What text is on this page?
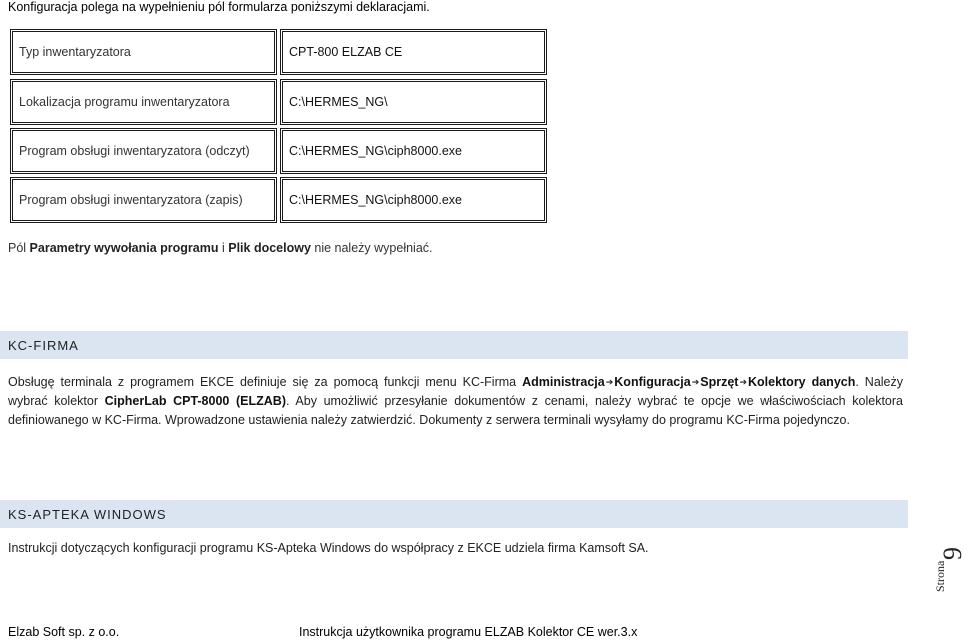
Konfiguracja polega na wypełnieniu pól formularza poniższymi deklaracjami.
Typ inwentaryzatora	CPT-800 ELZAB CE
Lokalizacja programu inwentaryzatora	C:\HERMES_NG\
Program obsługi inwentaryzatora (odczyt)	C:\HERMES_NG\ciph8000.exe
Program obsługi inwentaryzatora (zapis)	C:\HERMES_NG\ciph8000.exe
Pól Parametry wywołania programu i Plik docelowy nie należy wypełniać.
KC-FIRMA
Obsługę terminala z programem EKCE definiuje się za pomocą funkcji menu KC-Firma Administracja➔Konfiguracja➔Sprzęt➔Kolektory danych. Należy wybrać kolektor CipherLab CPT-8000 (ELZAB). Aby umożliwić przesyłanie dokumentów z cenami, należy wybrać te opcje we właściwościach kolektora definiowanego w KC-Firma. Wprowadzone ustawienia należy zatwierdzić. Dokumenty z serwera terminali wysyłamy do programu KC-Firma pojedynczo.
KS-APTEKA WINDOWS
Instrukcji dotyczących konfiguracji programu KS-Apteka Windows do współpracy z EKCE udziela firma Kamsoft SA.
Strona
9
Elzab Soft sp. z o.o.	Instrukcja użytkownika programu ELZAB Kolektor CE wer.3.x
